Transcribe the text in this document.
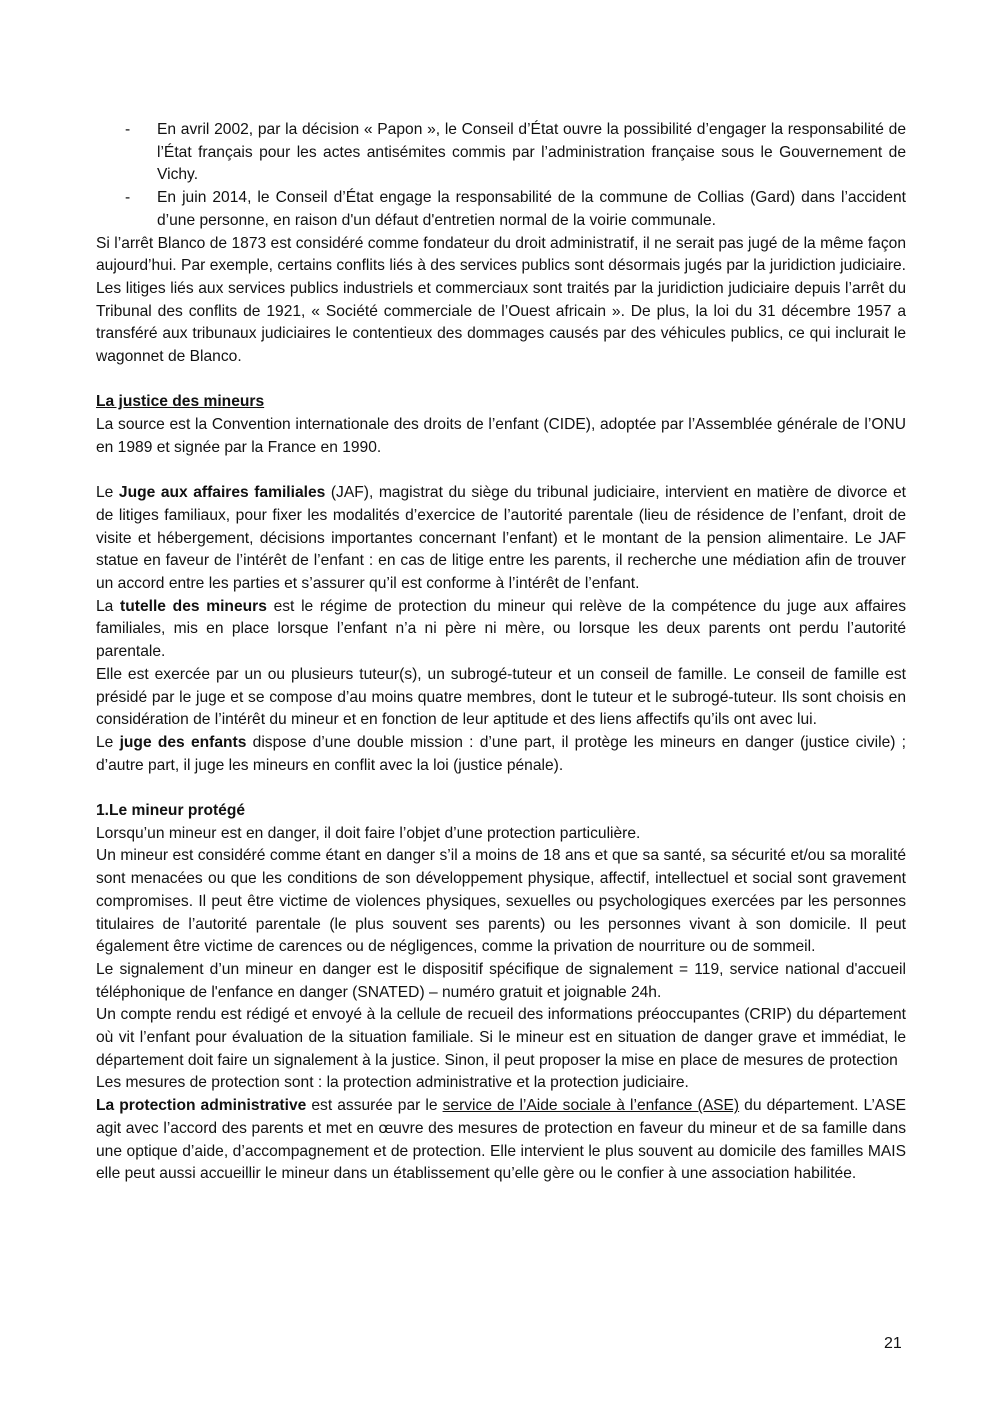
- En avril 2002, par la décision « Papon », le Conseil d’État ouvre la possibilité d’engager la responsabilité de l’État français pour les actes antisémites commis par l’administration française sous le Gouvernement de Vichy.
- En juin 2014, le Conseil d’État engage la responsabilité de la commune de Collias (Gard) dans l’accident d’une personne, en raison d'un défaut d'entretien normal de la voirie communale.

Si l’arrêt Blanco de 1873 est considéré comme fondateur du droit administratif, il ne serait pas jugé de la même façon aujourd’hui. Par exemple, certains conflits liés à des services publics sont désormais jugés par la juridiction judiciaire. Les litiges liés aux services publics industriels et commerciaux sont traités par la juridiction judiciaire depuis l’arrêt du Tribunal des conflits de 1921, « Société commerciale de l’Ouest africain ». De plus, la loi du 31 décembre 1957 a transféré aux tribunaux judiciaires le contentieux des dommages causés par des véhicules publics, ce qui inclurait le wagonnet de Blanco.

La justice des mineurs

La source est la Convention internationale des droits de l’enfant (CIDE), adoptée par l’Assemblée générale de l’ONU en 1989 et signée par la France en 1990.

Le Juge aux affaires familiales (JAF), magistrat du siège du tribunal judiciaire, intervient en matière de divorce et de litiges familiaux, pour fixer les modalités d’exercice de l’autorité parentale (lieu de résidence de l’enfant, droit de visite et hébergement, décisions importantes concernant l’enfant) et le montant de la pension alimentaire. Le JAF statue en faveur de l’intérêt de l’enfant : en cas de litige entre les parents, il recherche une médiation afin de trouver un accord entre les parties et s’assurer qu’il est conforme à l’intérêt de l’enfant.

La tutelle des mineurs est le régime de protection du mineur qui relève de la compétence du juge aux affaires familiales, mis en place lorsque l’enfant n’a ni père ni mère, ou lorsque les deux parents ont perdu l’autorité parentale.

Elle est exercée par un ou plusieurs tuteur(s), un subrogé-tuteur et un conseil de famille. Le conseil de famille est présidé par le juge et se compose d’au moins quatre membres, dont le tuteur et le subrogé-tuteur. Ils sont choisis en considération de l’intérêt du mineur et en fonction de leur aptitude et des liens affectifs qu’ils ont avec lui.

Le juge des enfants dispose d’une double mission : d’une part, il protège les mineurs en danger (justice civile) ; d’autre part, il juge les mineurs en conflit avec la loi (justice pénale).

1.Le mineur protégé

Lorsqu’un mineur est en danger, il doit faire l’objet d’une protection particulière.

Un mineur est considéré comme étant en danger s’il a moins de 18 ans et que sa santé, sa sécurité et/ou sa moralité sont menacées ou que les conditions de son développement physique, affectif, intellectuel et social sont gravement compromises. Il peut être victime de violences physiques, sexuelles ou psychologiques exercées par les personnes titulaires de l’autorité parentale (le plus souvent ses parents) ou les personnes vivant à son domicile. Il peut également être victime de carences ou de négligences, comme la privation de nourriture ou de sommeil.

Le signalement d’un mineur en danger est le dispositif spécifique de signalement = 119, service national d'accueil téléphonique de l'enfance en danger (SNATED) – numéro gratuit et joignable 24h.

Un compte rendu est rédigé et envoyé à la cellule de recueil des informations préoccupantes (CRIP) du département où vit l’enfant pour évaluation de la situation familiale. Si le mineur est en situation de danger grave et immédiat, le département doit faire un signalement à la justice. Sinon, il peut proposer la mise en place de mesures de protection

Les mesures de protection sont : la protection administrative et la protection judiciaire.

La protection administrative est assurée par le service de l’Aide sociale à l’enfance (ASE) du département. L’ASE agit avec l’accord des parents et met en œuvre des mesures de protection en faveur du mineur et de sa famille dans une optique d’aide, d’accompagnement et de protection. Elle intervient le plus souvent au domicile des familles MAIS elle peut aussi accueillir le mineur dans un établissement qu’elle gère ou le confier à une association habilitée.

21
